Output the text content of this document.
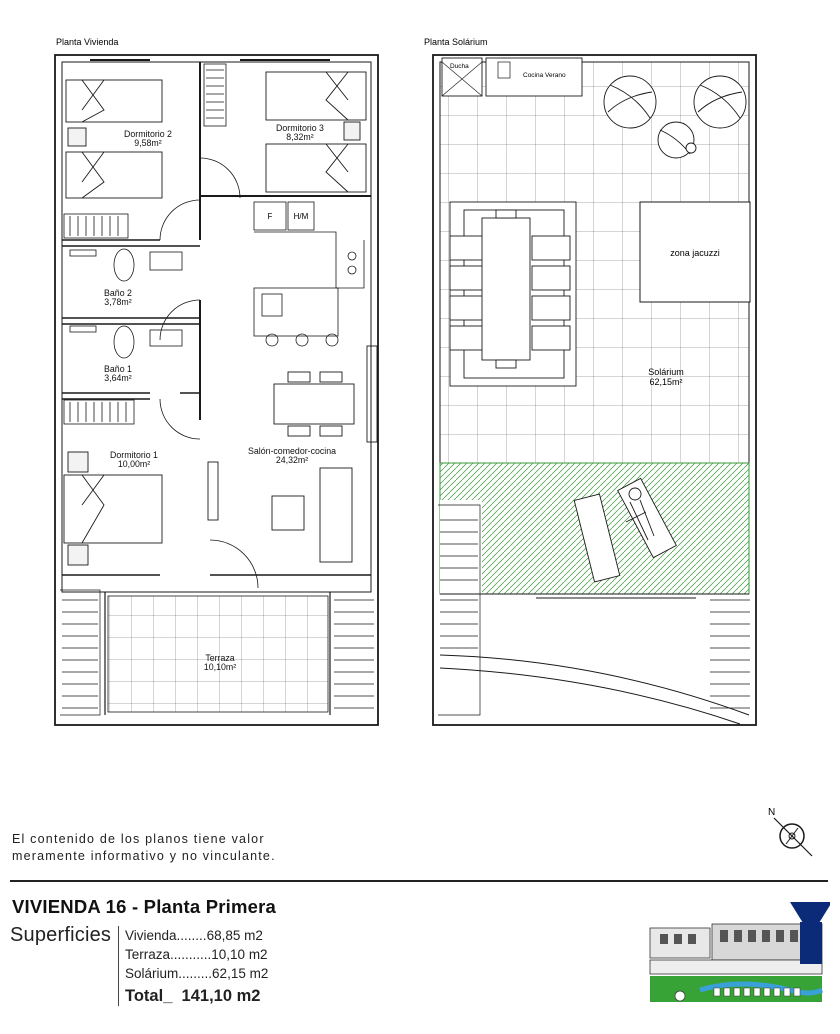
Planta Vivienda
Dormitorio 2
9,58m²
Dormitorio 3
8,32m²
Baño 2
3,78m²
Baño 1
3,64m²
Dormitorio 1
10,00m²
Salón-comedor-cocina
24,32m²
Terraza
10,10m²
F	H/M
Planta Solárium
Ducha
Cocina Verano
zona jacuzzi
Solárium
62,15m²
N
El contenido de los planos tiene valor
meramente informativo y no vinculante.
VIVIENDA 16 - Planta Primera
Superficies Vivienda........68,85 m2
Terraza...........10,10 m2
Solárium.........62,15 m2
Total_ 141,10 m2
